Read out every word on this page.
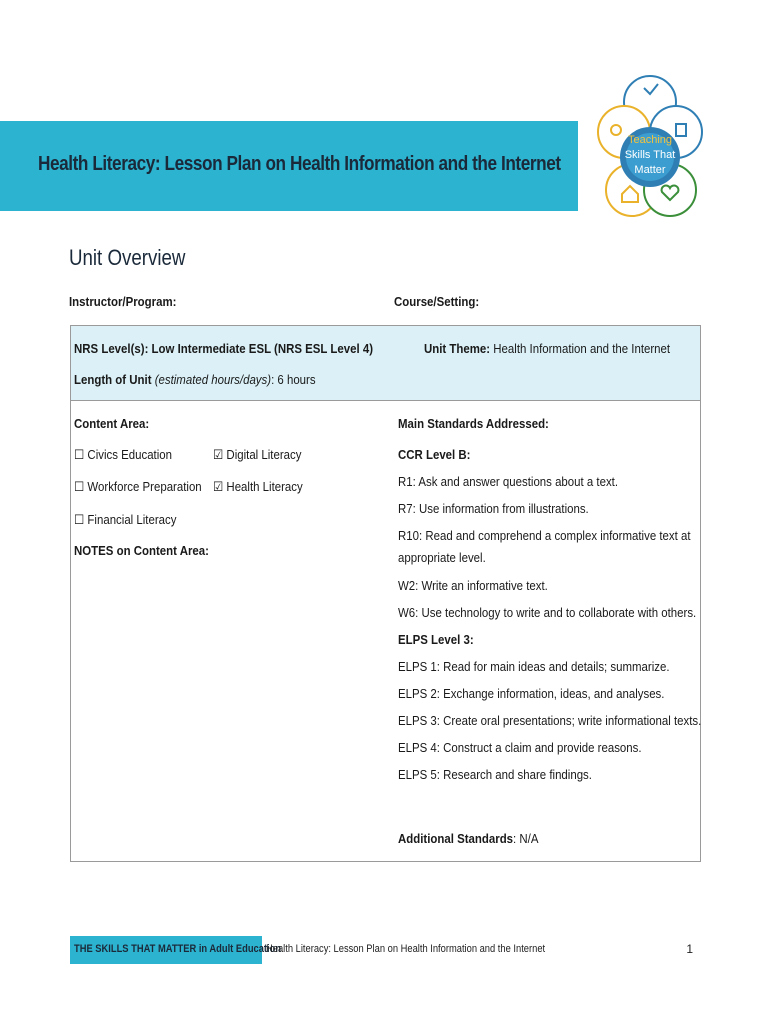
Health Literacy: Lesson Plan on Health Information and the Internet
Teaching
Skills That
Matter
Unit Overview
Instructor/Program:	Course/Setting:
NRS Level(s): Low Intermediate ESL (NRS ESL Level 4)	Unit Theme: Health Information and the Internet
Length of Unit (estimated hours/days): 6 hours
Content Area:
☐ Civics Education	☑ Digital Literacy
☐ Workforce Preparation ☑ Health Literacy
☐ Financial Literacy
NOTES on Content Area:
Main Standards Addressed:
CCR Level B:
R1: Ask and answer questions about a text.
R7: Use information from illustrations.
R10: Read and comprehend a complex informative text at
appropriate level.
W2: Write an informative text.
W6: Use technology to write and to collaborate with others.
ELPS Level 3:
ELPS 1: Read for main ideas and details; summarize.
ELPS 2: Exchange information, ideas, and analyses.
ELPS 3: Create oral presentations; write informational texts.
ELPS 4: Construct a claim and provide reasons.
ELPS 5: Research and share findings.
Additional Standards: N/A
THE SKILLS THAT MATTER in Adult Education
Health Literacy: Lesson Plan on Health Information and the Internet	1
